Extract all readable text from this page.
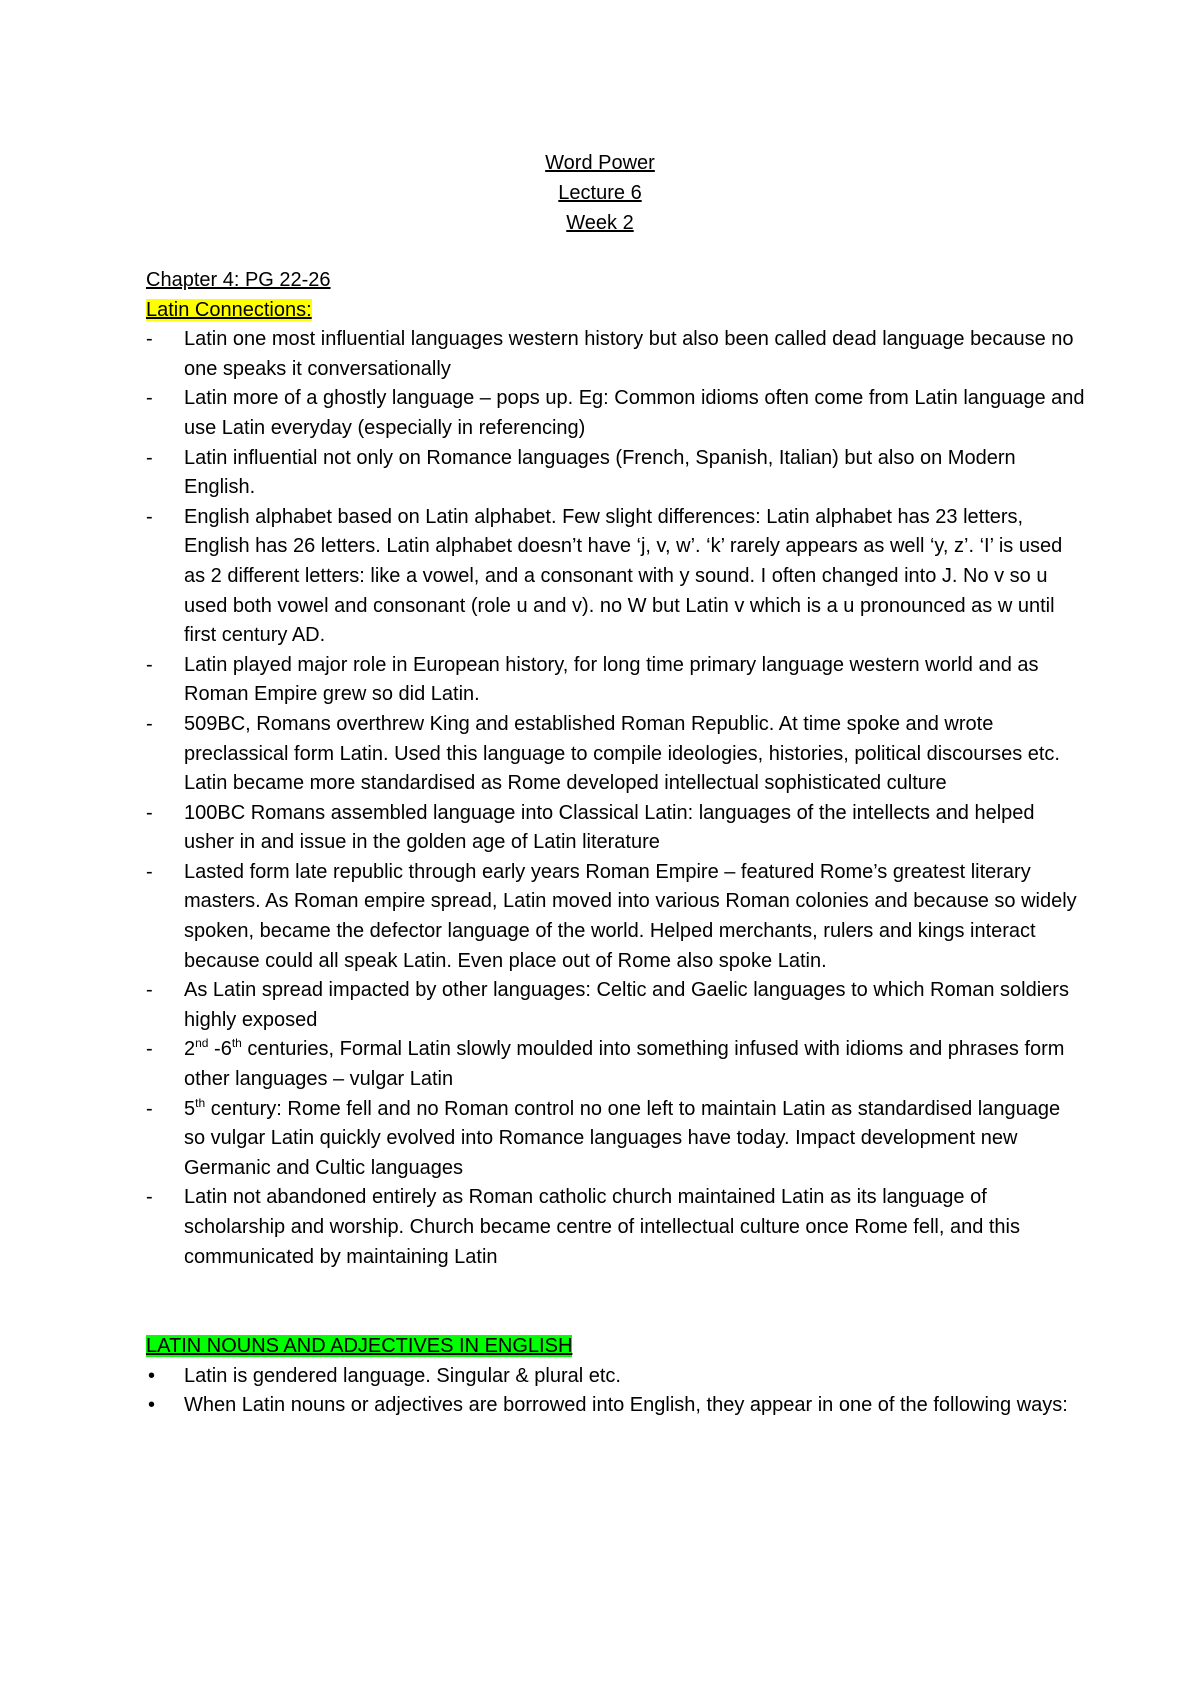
Word Power
Lecture 6
Week 2
Chapter 4: PG 22-26
Latin Connections:
- Latin one most influential languages western history but also been called dead language because no one speaks it conversationally
- Latin more of a ghostly language – pops up. Eg: Common idioms often come from Latin language and use Latin everyday (especially in referencing)
- Latin influential not only on Romance languages (French, Spanish, Italian) but also on Modern English.
- English alphabet based on Latin alphabet. Few slight differences: Latin alphabet has 23 letters, English has 26 letters. Latin alphabet doesn’t have ‘j, v, w’. ‘k’ rarely appears as well ‘y, z’. ‘I’ is used as 2 different letters: like a vowel, and a consonant with y sound. I often changed into J. No v so u used both vowel and consonant (role u and v). no W but Latin v which is a u pronounced as w until first century AD.
- Latin played major role in European history, for long time primary language western world and as Roman Empire grew so did Latin.
- 509BC, Romans overthrew King and established Roman Republic. At time spoke and wrote preclassical form Latin. Used this language to compile ideologies, histories, political discourses etc. Latin became more standardised as Rome developed intellectual sophisticated culture
- 100BC Romans assembled language into Classical Latin: languages of the intellects and helped usher in and issue in the golden age of Latin literature
- Lasted form late republic through early years Roman Empire – featured Rome’s greatest literary masters. As Roman empire spread, Latin moved into various Roman colonies and because so widely spoken, became the defector language of the world. Helped merchants, rulers and kings interact because could all speak Latin. Even place out of Rome also spoke Latin.
- As Latin spread impacted by other languages: Celtic and Gaelic languages to which Roman soldiers highly exposed
- 2nd -6th centuries, Formal Latin slowly moulded into something infused with idioms and phrases form other languages – vulgar Latin
- 5th century: Rome fell and no Roman control no one left to maintain Latin as standardised language so vulgar Latin quickly evolved into Romance languages have today. Impact development new Germanic and Cultic languages
- Latin not abandoned entirely as Roman catholic church maintained Latin as its language of scholarship and worship. Church became centre of intellectual culture once Rome fell, and this communicated by maintaining Latin
LATIN NOUNS AND ADJECTIVES IN ENGLISH
• Latin is gendered language. Singular & plural etc.
• When Latin nouns or adjectives are borrowed into English, they appear in one of the following ways:
